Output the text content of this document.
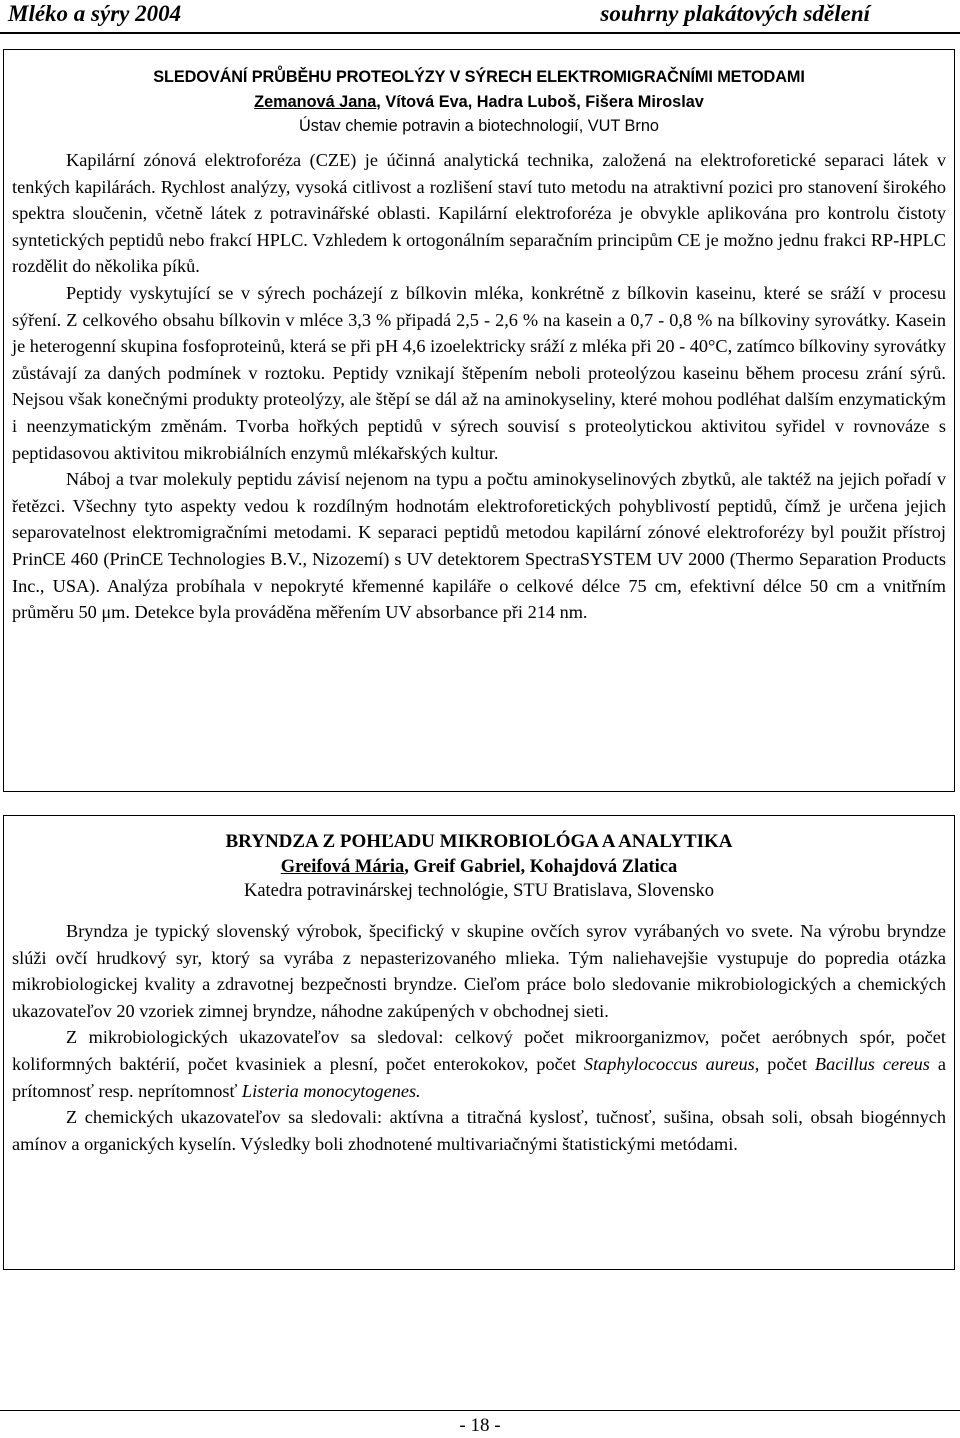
Mléko a sýry 2004	souhrny plakátových sdělení

SLEDOVÁNÍ PRŮBĚHU PROTEOLÝZY V SÝRECH ELEKTROMIGRAČNÍMI METODAMI

Zemanová Jana, Vítová Eva, Hadra Luboš, Fišera Miroslav

Ústav chemie potravin a biotechnologií, VUT Brno

Kapilární zónová elektroforéza (CZE) je účinná analytická technika, založená na elektroforetické separaci látek v tenkých kapilárách. Rychlost analýzy, vysoká citlivost a rozlišení staví tuto metodu na atraktivní pozici pro stanovení širokého spektra sloučenin, včetně látek z potravinářské oblasti. Kapilární elektroforéza je obvykle aplikována pro kontrolu čistoty syntetických peptidů nebo frakcí HPLC. Vzhledem k ortogonálním separačním principům CE je možno jednu frakci RP-HPLC rozdělit do několika píků.

Peptidy vyskytující se v sýrech pocházejí z bílkovin mléka, konkrétně z bílkovin kaseinu, které se sráží v procesu sýření. Z celkového obsahu bílkovin v mléce 3,3 % připadá 2,5 - 2,6 % na kasein a 0,7 - 0,8 % na bílkoviny syrovátky. Kasein je heterogenní skupina fosfoproteinů, která se při pH 4,6 izoelektricky sráží z mléka při 20 - 40°C, zatímco bílkoviny syrovátky zůstávají za daných podmínek v roztoku. Peptidy vznikají štěpením neboli proteolýzou kaseinu během procesu zrání sýrů. Nejsou však konečnými produkty proteolýzy, ale štěpí se dál až na aminokyseliny, které mohou podléhat dalším enzymatickým i neenzymatickým změnám. Tvorba hořkých peptidů v sýrech souvisí s proteolytickou aktivitou syřidel v rovnováze s peptidasovou aktivitou mikrobiálních enzymů mlékařských kultur.

Náboj a tvar molekuly peptidu závisí nejenom na typu a počtu aminokyselinových zbytků, ale taktéž na jejich pořadí v řetězci. Všechny tyto aspekty vedou k rozdílným hodnotám elektroforetických pohyblivostí peptidů, čímž je určena jejich separovatelnost elektromigračními metodami. K separaci peptidů metodou kapilární zónové elektroforézy byl použit přístroj PrinCE 460 (PrinCE Technologies B.V., Nizozemí) s UV detektorem SpectraSYSTEM UV 2000 (Thermo Separation Products Inc., USA). Analýza probíhala v nepokryté křemenné kapiláře o celkové délce 75 cm, efektivní délce 50 cm a vnitřním průměru 50 μm. Detekce byla prováděna měřením UV absorbance při 214 nm.

BRYNDZA Z POHĽADU MIKROBIOLÓGA A ANALYTIKA

Greifová Mária, Greif Gabriel, Kohajdová Zlatica

Katedra potravinárskej technológie, STU Bratislava, Slovensko

Bryndza je typický slovenský výrobok, špecifický v skupine ovčích syrov vyrábaných vo svete. Na výrobu bryndze slúži ovčí hrudkový syr, ktorý sa vyrába z nepasterizovaného mlieka. Tým naliehavejšie vystupuje do popredia otázka mikrobiologickej kvality a zdravotnej bezpečnosti bryndze. Cieľom práce bolo sledovanie mikrobiologických a chemických ukazovateľov 20 vzoriek zimnej bryndze, náhodne zakúpených v obchodnej sieti.

Z mikrobiologických ukazovateľov sa sledoval: celkový počet mikroorganizmov, počet aeróbnych spór, počet koliformných baktérií, počet kvasiniek a plesní, počet enterokokov, počet Staphylococcus aureus, počet Bacillus cereus a prítomnosť resp. neprítomnosť Listeria monocytogenes.

Z chemických ukazovateľov sa sledovali: aktívna a titračná kyslosť, tučnosť, sušina, obsah soli, obsah biogénnych amínov a organických kyselín. Výsledky boli zhodnotené multivariačnými štatistickými metódami.

- 18 -
